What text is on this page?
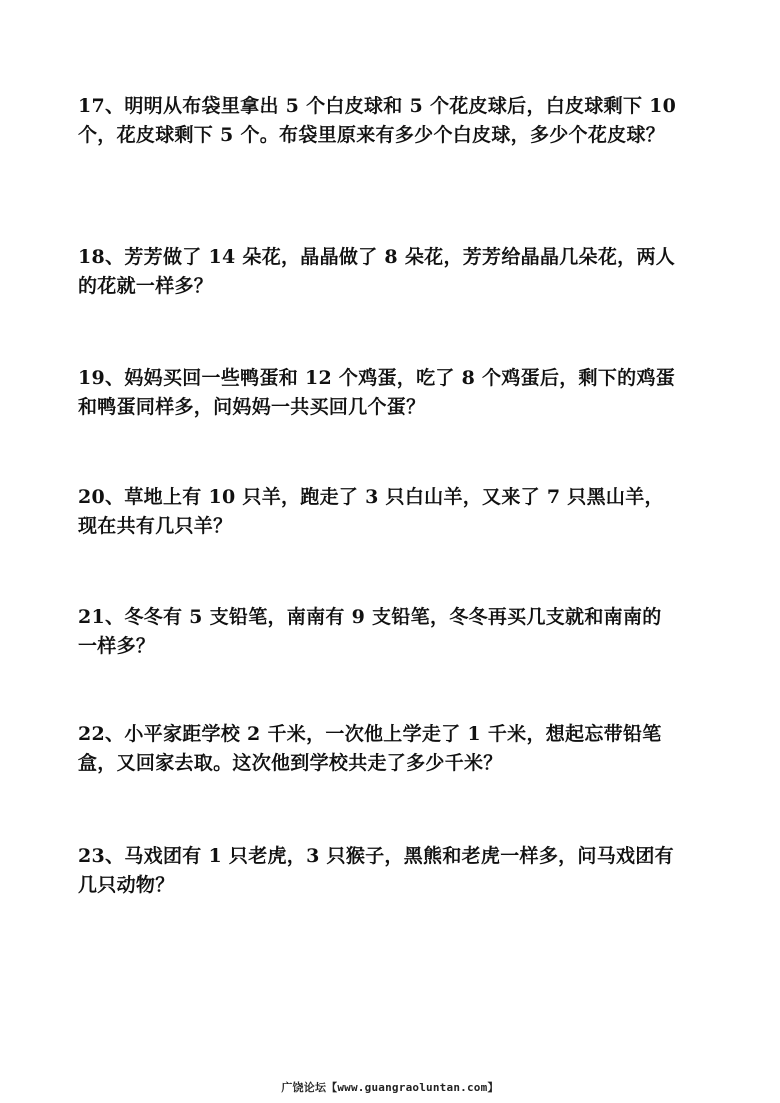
17、明明从布袋里拿出 5 个白皮球和 5 个花皮球后，白皮球剩下 10 个，花皮球剩下 5 个。布袋里原来有多少个白皮球，多少个花皮球？

18、芳芳做了 14 朵花，晶晶做了 8 朵花，芳芳给晶晶几朵花，两人的花就一样多？

19、妈妈买回一些鸭蛋和 12 个鸡蛋，吃了 8 个鸡蛋后，剩下的鸡蛋和鸭蛋同样多，问妈妈一共买回几个蛋？

20、草地上有 10 只羊，跑走了 3 只白山羊，又来了 7 只黑山羊，现在共有几只羊？

21、冬冬有 5 支铅笔，南南有 9 支铅笔，冬冬再买几支就和南南的一样多？

22、小平家距学校 2 千米，一次他上学走了 1 千米，想起忘带铅笔盒，又回家去取。这次他到学校共走了多少千米？

23、马戏团有 1 只老虎，3 只猴子，黑熊和老虎一样多，问马戏团有几只动物？

广饶论坛【www.guangraoluntan.com】
